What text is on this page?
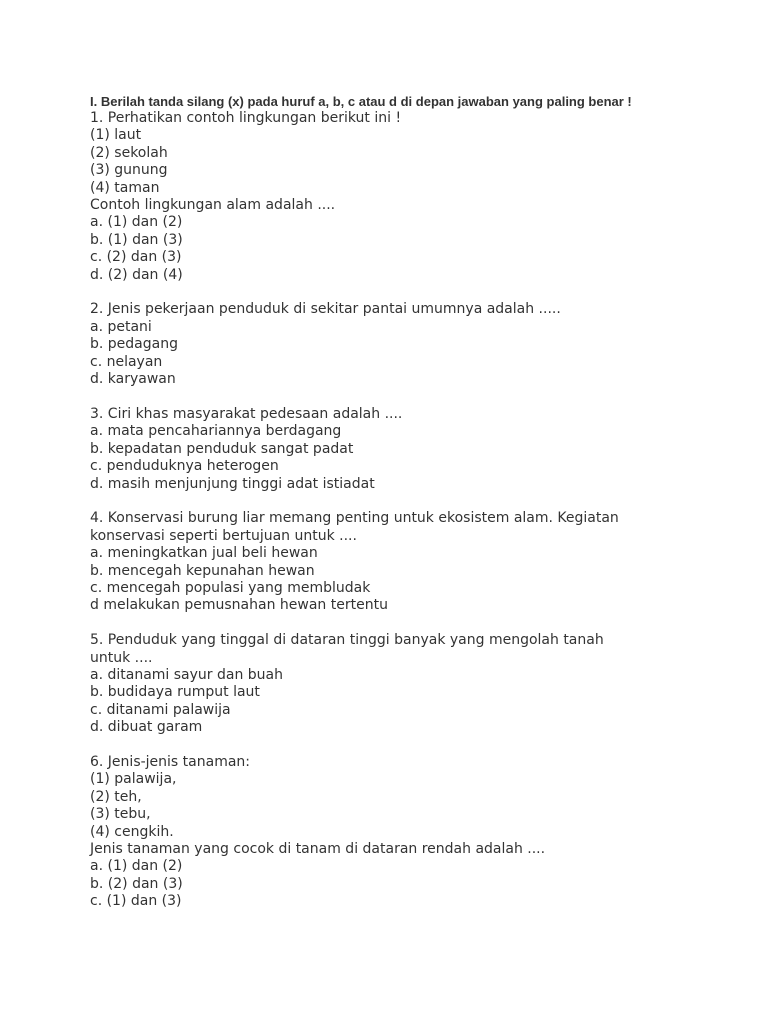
I. Berilah tanda silang (x) pada huruf a, b, c atau d di depan jawaban yang paling benar !
1. Perhatikan contoh lingkungan berikut ini !
(1) laut
(2) sekolah
(3) gunung
(4) taman
Contoh lingkungan alam adalah ....
a. (1) dan (2)
b. (1) dan (3)
c. (2) dan (3)
d. (2) dan (4)
2. Jenis pekerjaan penduduk di sekitar pantai umumnya adalah .....
a. petani
b. pedagang
c. nelayan
d. karyawan
3. Ciri khas masyarakat pedesaan adalah ....
a. mata pencahariannya berdagang
b. kepadatan penduduk sangat padat
c. penduduknya heterogen
d. masih menjunjung tinggi adat istiadat
4. Konservasi burung liar memang penting untuk ekosistem alam. Kegiatan
konservasi seperti bertujuan untuk ....
a. meningkatkan jual beli hewan
b. mencegah kepunahan hewan
c. mencegah populasi yang membludak
d melakukan pemusnahan hewan tertentu
5. Penduduk yang tinggal di dataran tinggi banyak yang mengolah tanah
untuk ....
a. ditanami sayur dan buah
b. budidaya rumput laut
c. ditanami palawija
d. dibuat garam
6. Jenis-jenis tanaman:
(1) palawija,
(2) teh,
(3) tebu,
(4) cengkih.
Jenis tanaman yang cocok di tanam di dataran rendah adalah ....
a. (1) dan (2)
b. (2) dan (3)
c. (1) dan (3)
